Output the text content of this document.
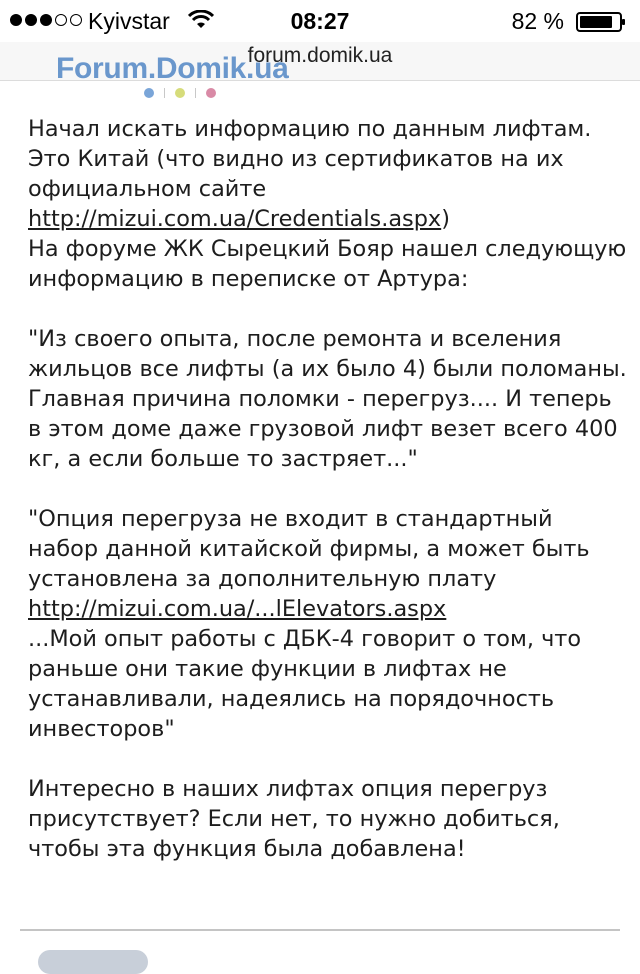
Kyivstar	08:27	82 %
forum.domik.ua
Forum.Domik.ua

Начал искать информацию по данным лифтам. Это Китай (что видно из сертификатов на их официальном сайте http://mizui.com.ua/Credentials.aspx)
На форуме ЖК Сырецкий Бояр нашел следующую информацию в переписке от Артура:

"Из своего опыта, после ремонта и вселения жильцов все лифты (а их было 4) были поломаны. Главная причина поломки - перегруз.... И теперь в этом доме даже грузовой лифт везет всего 400 кг, а если больше то застряет..."

"Опция перегруза не входит в стандартный набор данной китайской фирмы, а может быть установлена за дополнительную плату http://mizui.com.ua/...lElevators.aspx
...Мой опыт работы с ДБК-4 говорит о том, что раньше они такие функции в лифтах не устанавливали, надеялись на порядочность инвесторов"

Интересно в наших лифтах опция перегруз присутствует? Если нет, то нужно добиться, чтобы эта функция была добавлена!
